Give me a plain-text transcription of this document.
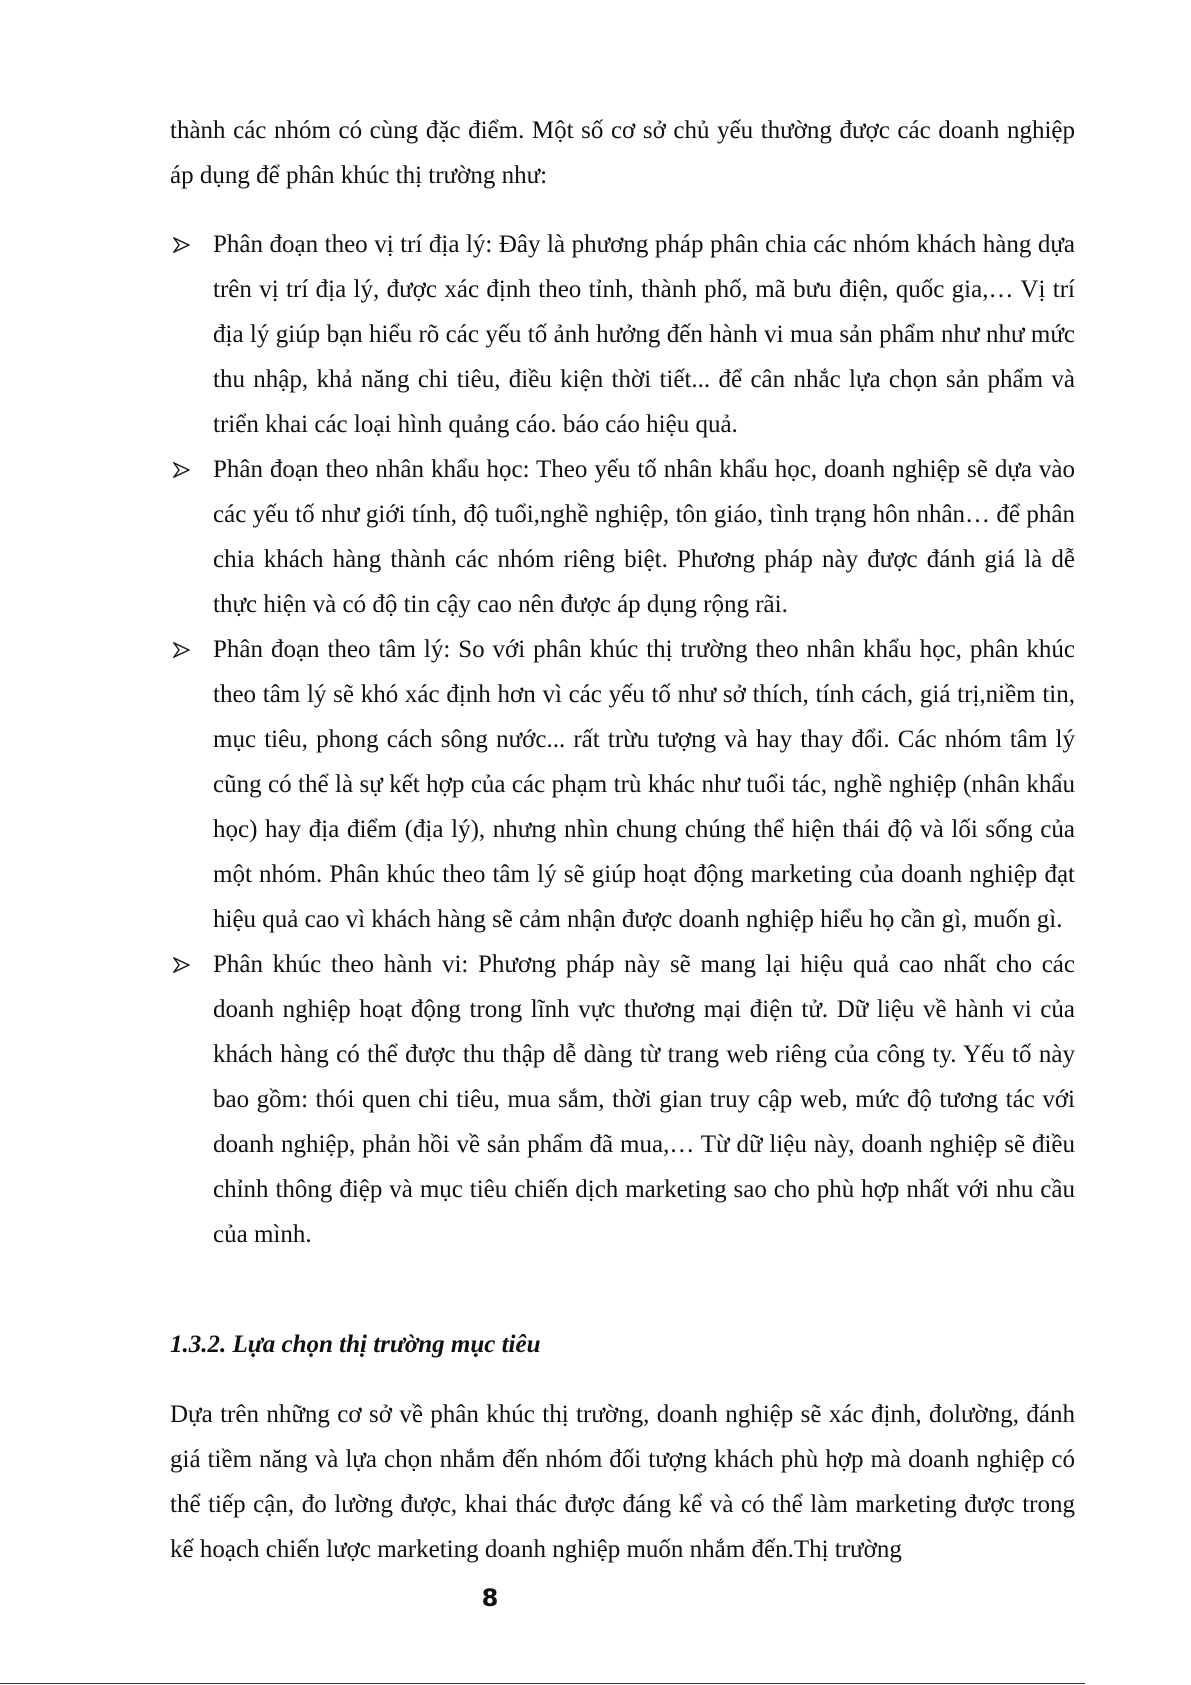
thành các nhóm có cùng đặc điểm. Một số cơ sở chủ yếu thường được các doanh nghiệp áp dụng để phân khúc thị trường như:

Phân đoạn theo vị trí địa lý: Đây là phương pháp phân chia các nhóm khách hàng dựa trên vị trí địa lý, được xác định theo tỉnh, thành phố, mã bưu điện, quốc gia,… Vị trí địa lý giúp bạn hiểu rõ các yếu tố ảnh hưởng đến hành vi mua sản phẩm như như mức thu nhập, khả năng chi tiêu, điều kiện thời tiết... để cân nhắc lựa chọn sản phẩm và triển khai các loại hình quảng cáo. báo cáo hiệu quả.
Phân đoạn theo nhân khẩu học: Theo yếu tố nhân khẩu học, doanh nghiệp sẽ dựa vào các yếu tố như giới tính, độ tuổi,nghề nghiệp, tôn giáo, tình trạng hôn nhân… để phân chia khách hàng thành các nhóm riêng biệt. Phương pháp này được đánh giá là dễ thực hiện và có độ tin cậy cao nên được áp dụng rộng rãi.
Phân đoạn theo tâm lý: So với phân khúc thị trường theo nhân khẩu học, phân khúc theo tâm lý sẽ khó xác định hơn vì các yếu tố như sở thích, tính cách, giá trị,niềm tin, mục tiêu, phong cách sông nước... rất trừu tượng và hay thay đổi. Các nhóm tâm lý cũng có thể là sự kết hợp của các phạm trù khác như tuổi tác, nghề nghiệp (nhân khẩu học) hay địa điểm (địa lý), nhưng nhìn chung chúng thể hiện thái độ và lối sống của một nhóm. Phân khúc theo tâm lý sẽ giúp hoạt động marketing của doanh nghiệp đạt hiệu quả cao vì khách hàng sẽ cảm nhận được doanh nghiệp hiểu họ cần gì, muốn gì.
Phân khúc theo hành vi: Phương pháp này sẽ mang lại hiệu quả cao nhất cho các doanh nghiệp hoạt động trong lĩnh vực thương mại điện tử. Dữ liệu về hành vi của khách hàng có thể được thu thập dễ dàng từ trang web riêng của công ty. Yếu tố này bao gồm: thói quen chi tiêu, mua sắm, thời gian truy cập web, mức độ tương tác với doanh nghiệp, phản hồi về sản phẩm đã mua,… Từ dữ liệu này, doanh nghiệp sẽ điều chỉnh thông điệp và mục tiêu chiến dịch marketing sao cho phù hợp nhất với nhu cầu của mình.
1.3.2. Lựa chọn thị trường mục tiêu

Dựa trên những cơ sở về phân khúc thị trường, doanh nghiệp sẽ xác định, đolường, đánh giá tiềm năng và lựa chọn nhắm đến nhóm đối tượng khách phù hợp mà doanh nghiệp có thể tiếp cận, đo lường được, khai thác được đáng kể và có thể làm marketing được trong kế hoạch chiến lược marketing doanh nghiệp muốn nhắm đến.Thị trường

8
